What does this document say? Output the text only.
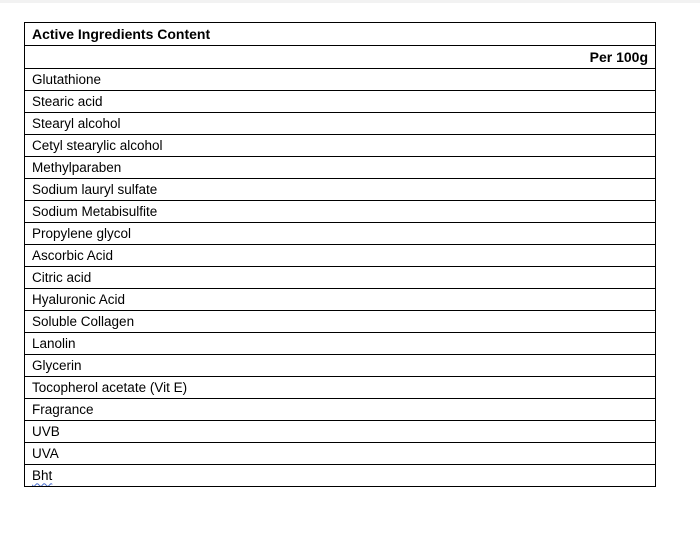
Active Ingredients Content
Per 100g
Glutathione
Stearic acid
Stearyl alcohol
Cetyl stearylic alcohol
Methylparaben
Sodium lauryl sulfate
Sodium Metabisulfite
Propylene glycol
Ascorbic Acid
Citric acid
Hyaluronic Acid
Soluble Collagen
Lanolin
Glycerin
Tocopherol acetate (Vit E)
Fragrance
UVB
UVA
Bht
